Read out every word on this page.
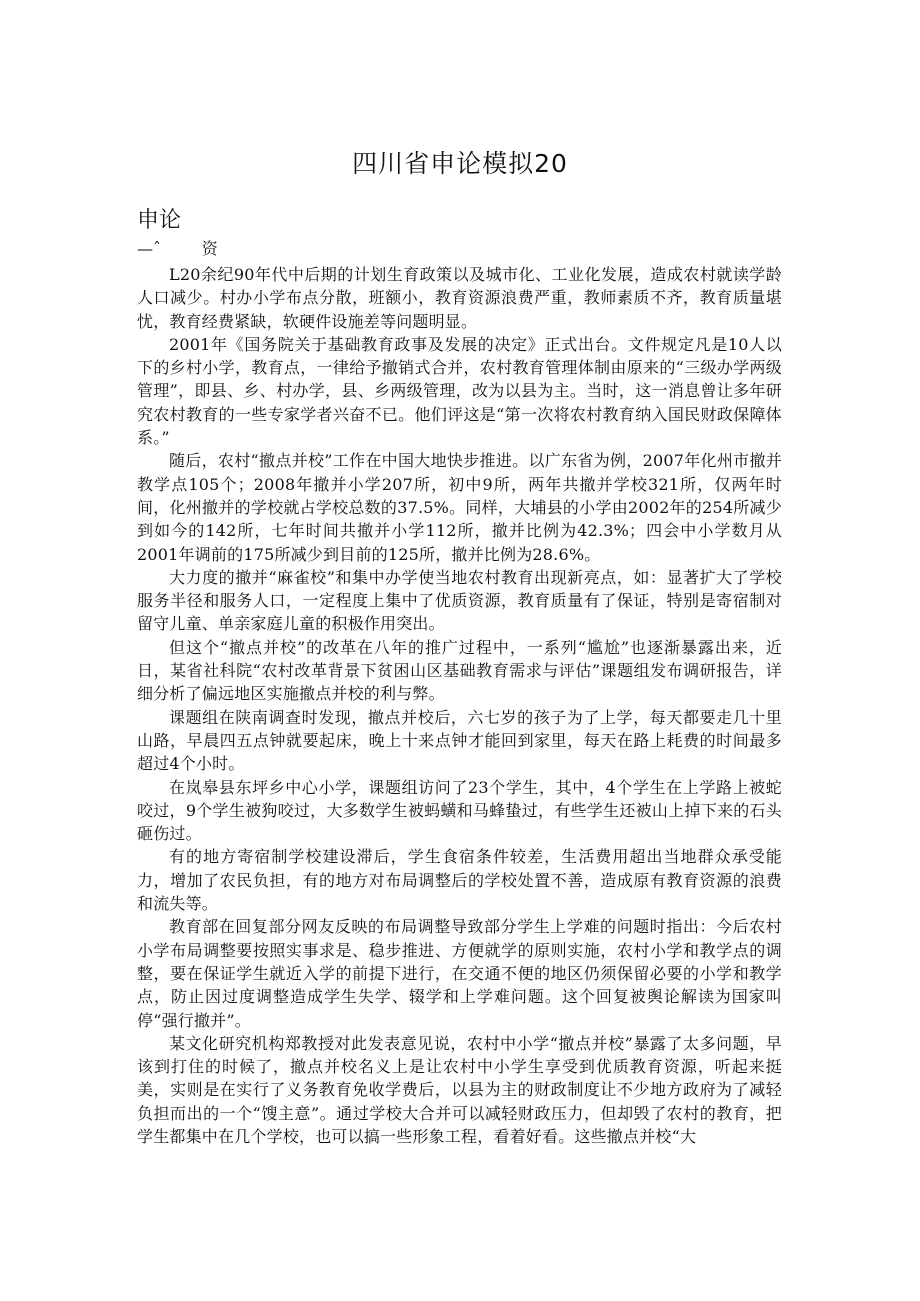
四川省申论模拟20
申论
—ˆ        资

L20余纪90年代中后期的计划生育政策以及城市化、工业化发展，造成农村就读学龄人口减少。村办小学布点分散，班额小，教育资源浪费严重，教师素质不齐，教育质量堪忧，教育经费紧缺，软硬件设施差等问题明显。

2001年《国务院关于基础教育政事及发展的决定》正式出台。文件规定凡是10人以下的乡村小学，教育点，一律给予撤销式合并，农村教育管理体制由原来的“三级办学两级管理”，即县、乡、村办学，县、乡两级管理，改为以县为主。当时，这一消息曾让多年研究农村教育的一些专家学者兴奋不已。他们评这是“第一次将农村教育纳入国民财政保障体系。”

随后，农村“撤点并校”工作在中国大地快步推进。以广东省为例，2007年化州市撤并教学点105个；2008年撤并小学207所，初中9所，两年共撤并学校321所，仅两年时间，化州撤并的学校就占学校总数的37.5%。同样，大埔县的小学由2002年的254所减少到如今的142所，七年时间共撤并小学112所，撤并比例为42.3%；四会中小学数月从2001年调前的175所减少到目前的125所，撤并比例为28.6%。

大力度的撤并“麻雀校”和集中办学使当地农村教育出现新亮点，如：显著扩大了学校服务半径和服务人口，一定程度上集中了优质资源，教育质量有了保证，特别是寄宿制对留守儿童、单亲家庭儿童的积极作用突出。

但这个“撤点并校”的改革在八年的推广过程中，一系列“尴尬”也逐渐暴露出来，近日，某省社科院“农村改革背景下贫困山区基础教育需求与评估”课题组发布调研报告，详细分析了偏远地区实施撤点并校的利与弊。

课题组在陕南调查时发现，撤点并校后，六七岁的孩子为了上学，每天都要走几十里山路，早晨四五点钟就要起床，晚上十来点钟才能回到家里，每天在路上耗费的时间最多超过4个小时。

在岚皋县东坪乡中心小学，课题组访问了23个学生，其中，4个学生在上学路上被蛇咬过，9个学生被狗咬过，大多数学生被蚂蟥和马蜂蛰过，有些学生还被山上掉下来的石头砸伤过。

有的地方寄宿制学校建设滞后，学生食宿条件较差，生活费用超出当地群众承受能力，增加了农民负担，有的地方对布局调整后的学校处置不善，造成原有教育资源的浪费和流失等。

教育部在回复部分网友反映的布局调整导致部分学生上学难的问题时指出：今后农村小学布局调整要按照实事求是、稳步推进、方便就学的原则实施，农村小学和教学点的调整，要在保证学生就近入学的前提下进行，在交通不便的地区仍须保留必要的小学和教学点，防止因过度调整造成学生失学、辍学和上学难问题。这个回复被舆论解读为国家叫停“强行撤并”。

某文化研究机构郑教授对此发表意见说，农村中小学“撤点并校”暴露了太多问题，早该到打住的时候了，撤点并校名义上是让农村中小学生享受到优质教育资源，听起来挺美，实则是在实行了义务教育免收学费后，以县为主的财政制度让不少地方政府为了减轻负担而出的一个“馊主意”。通过学校大合并可以减轻财政压力，但却毁了农村的教育，把学生都集中在几个学校，也可以搞一些形象工程，看着好看。这些撤点并校“大
